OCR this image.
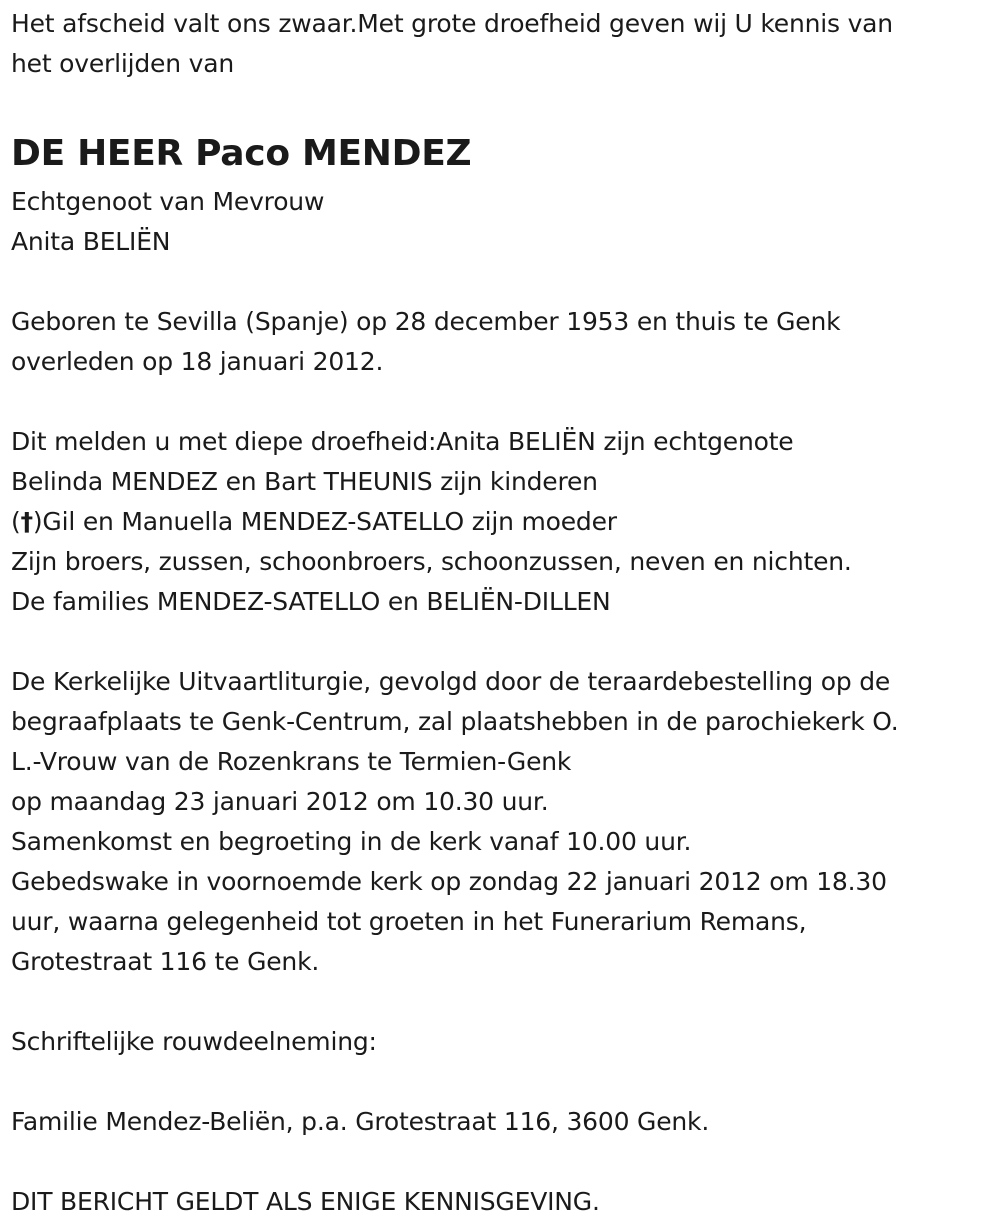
Het afscheid valt ons zwaar.Met grote droefheid geven wij U kennis van
het overlijden van
DE HEER Paco MENDEZ
Echtgenoot van Mevrouw
Anita BELIËN
Geboren te Sevilla (Spanje) op 28 december 1953 en thuis te Genk
overleden op 18 januari 2012.
Dit melden u met diepe droefheid:Anita BELIËN zijn echtgenote
Belinda MENDEZ en Bart THEUNIS zijn kinderen
(†)Gil en Manuella MENDEZ-SATELLO zijn moeder
Zijn broers, zussen, schoonbroers, schoonzussen, neven en nichten.
De families MENDEZ-SATELLO en BELIËN-DILLEN
De Kerkelijke Uitvaartliturgie, gevolgd door de teraardebestelling op de
begraafplaats te Genk-Centrum, zal plaatshebben in de parochiekerk O.
L.-Vrouw van de Rozenkrans te Termien-Genk
op maandag 23 januari 2012 om 10.30 uur.
Samenkomst en begroeting in de kerk vanaf 10.00 uur.
Gebedswake in voornoemde kerk op zondag 22 januari 2012 om 18.30
uur, waarna gelegenheid tot groeten in het Funerarium Remans,
Grotestraat 116 te Genk.
Schriftelijke rouwdeelneming:
Familie Mendez-Beliën, p.a. Grotestraat 116, 3600 Genk.
DIT BERICHT GELDT ALS ENIGE KENNISGEVING.
